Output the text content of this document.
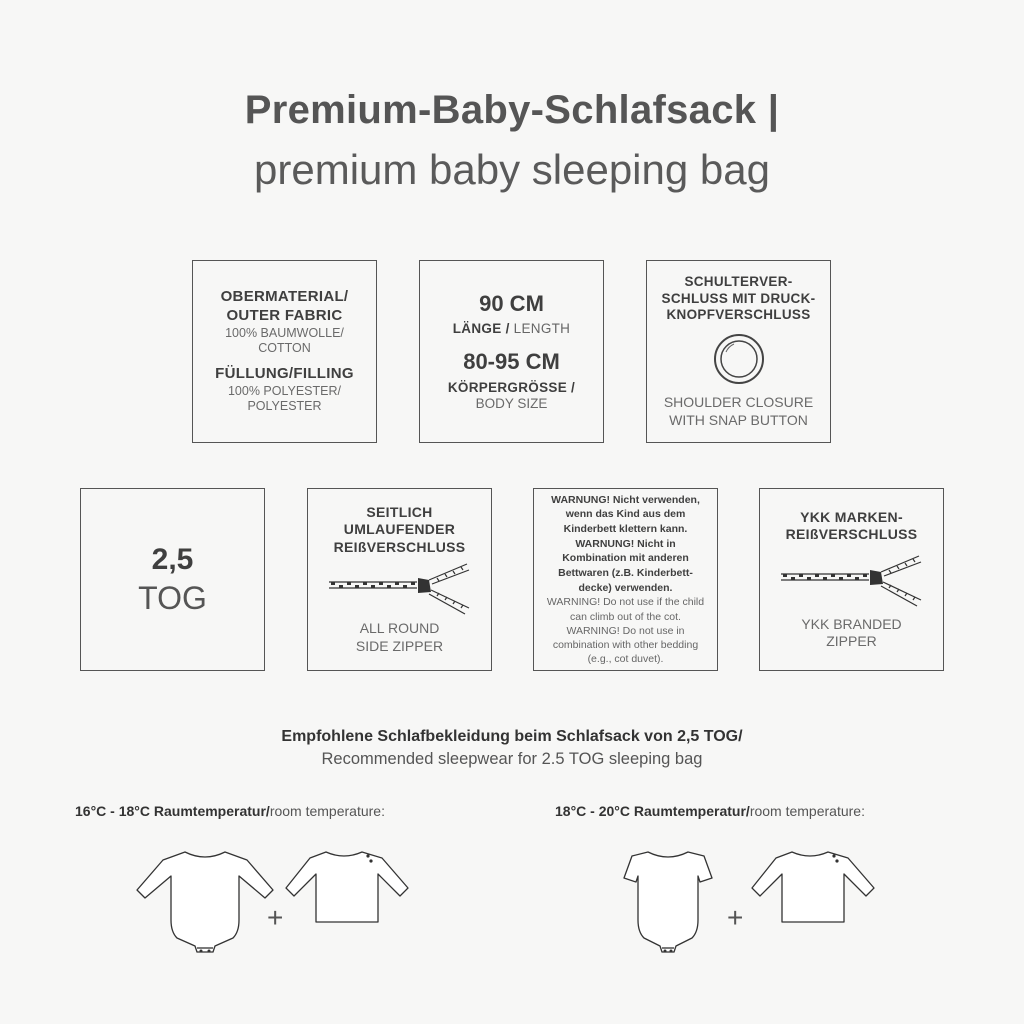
Premium-Baby-Schlafsack |
premium baby sleeping bag
OBERMATERIAL/
OUTER FABRIC
100% BAUMWOLLE/
COTTON
FÜLLUNG/FILLING
100% POLYESTER/
POLYESTER
90 CM
LÄNGE / LENGTH
80-95 CM
KÖRPERGRÖSSE /
BODY SIZE
SCHULTERVER-
SCHLUSS MIT DRUCK-
KNOPFVERSCHLUSS
SHOULDER CLOSURE
WITH SNAP BUTTON
2,5
TOG
SEITLICH
UMLAUFENDER
REIßVERSCHLUSS
ALL ROUND
SIDE ZIPPER
WARNUNG! Nicht verwenden,
wenn das Kind aus dem
Kinderbett klettern kann.
WARNUNG! Nicht in
Kombination mit anderen
Bettwaren (z.B. Kinderbett-
decke) verwenden.
WARNING! Do not use if the child
can climb out of the cot.
WARNING! Do not use in
combination with other bedding
(e.g., cot duvet).
YKK MARKEN-
REIßVERSCHLUSS
YKK BRANDED
ZIPPER
Empfohlene Schlafbekleidung beim Schlafsack von 2,5 TOG/
Recommended sleepwear for 2.5 TOG sleeping bag
16°C - 18°C Raumtemperatur/room temperature:	18°C - 20°C Raumtemperatur/room temperature:
+	+
